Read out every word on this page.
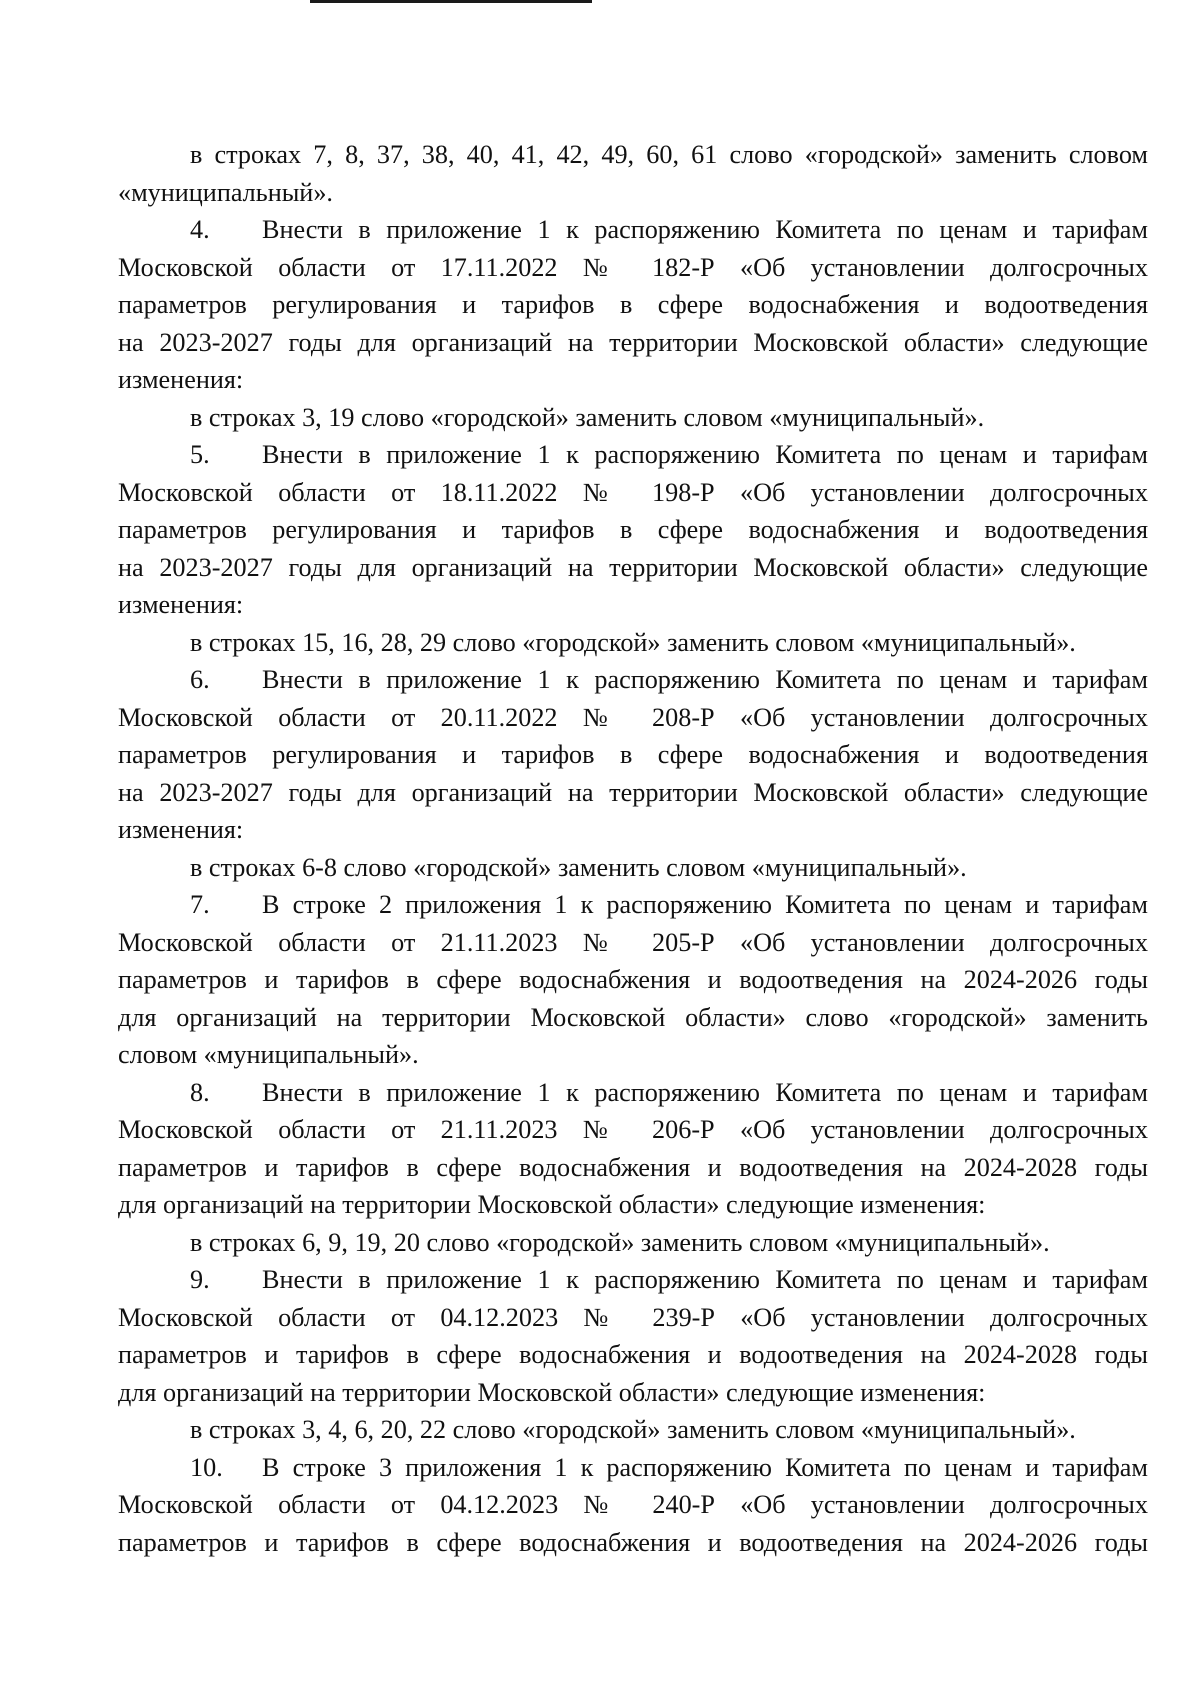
в строках 7, 8, 37, 38, 40, 41, 42, 49, 60, 61 слово «городской» заменить словом
«муниципальный».
4.	Внести в приложение 1 к распоряжению Комитета по ценам и тарифам
Московской области от 17.11.2022 № 182-Р «Об установлении долгосрочных
параметров регулирования и тарифов в сфере водоснабжения и водоотведения
на 2023-2027 годы для организаций на территории Московской области» следующие
изменения:
в строках 3, 19 слово «городской» заменить словом «муниципальный».
5.	Внести в приложение 1 к распоряжению Комитета по ценам и тарифам
Московской области от 18.11.2022 № 198-Р «Об установлении долгосрочных
параметров регулирования и тарифов в сфере водоснабжения и водоотведения
на 2023-2027 годы для организаций на территории Московской области» следующие
изменения:
в строках 15, 16, 28, 29 слово «городской» заменить словом «муниципальный».
6.	Внести в приложение 1 к распоряжению Комитета по ценам и тарифам
Московской области от 20.11.2022 № 208-Р «Об установлении долгосрочных
параметров регулирования и тарифов в сфере водоснабжения и водоотведения
на 2023-2027 годы для организаций на территории Московской области» следующие
изменения:
в строках 6-8 слово «городской» заменить словом «муниципальный».
7.	В строке 2 приложения 1 к распоряжению Комитета по ценам и тарифам
Московской области от 21.11.2023 № 205-Р «Об установлении долгосрочных
параметров и тарифов в сфере водоснабжения и водоотведения на 2024-2026 годы
для организаций на территории Московской области» слово «городской» заменить
словом «муниципальный».
8.	Внести в приложение 1 к распоряжению Комитета по ценам и тарифам
Московской области от 21.11.2023 № 206-Р «Об установлении долгосрочных
параметров и тарифов в сфере водоснабжения и водоотведения на 2024-2028 годы
для организаций на территории Московской области» следующие изменения:
в строках 6, 9, 19, 20 слово «городской» заменить словом «муниципальный».
9.	Внести в приложение 1 к распоряжению Комитета по ценам и тарифам
Московской области от 04.12.2023 № 239-Р «Об установлении долгосрочных
параметров и тарифов в сфере водоснабжения и водоотведения на 2024-2028 годы
для организаций на территории Московской области» следующие изменения:
в строках 3, 4, 6, 20, 22 слово «городской» заменить словом «муниципальный».
10.	В строке 3 приложения 1 к распоряжению Комитета по ценам и тарифам
Московской области от 04.12.2023 № 240-Р «Об установлении долгосрочных
параметров и тарифов в сфере водоснабжения и водоотведения на 2024-2026 годы
